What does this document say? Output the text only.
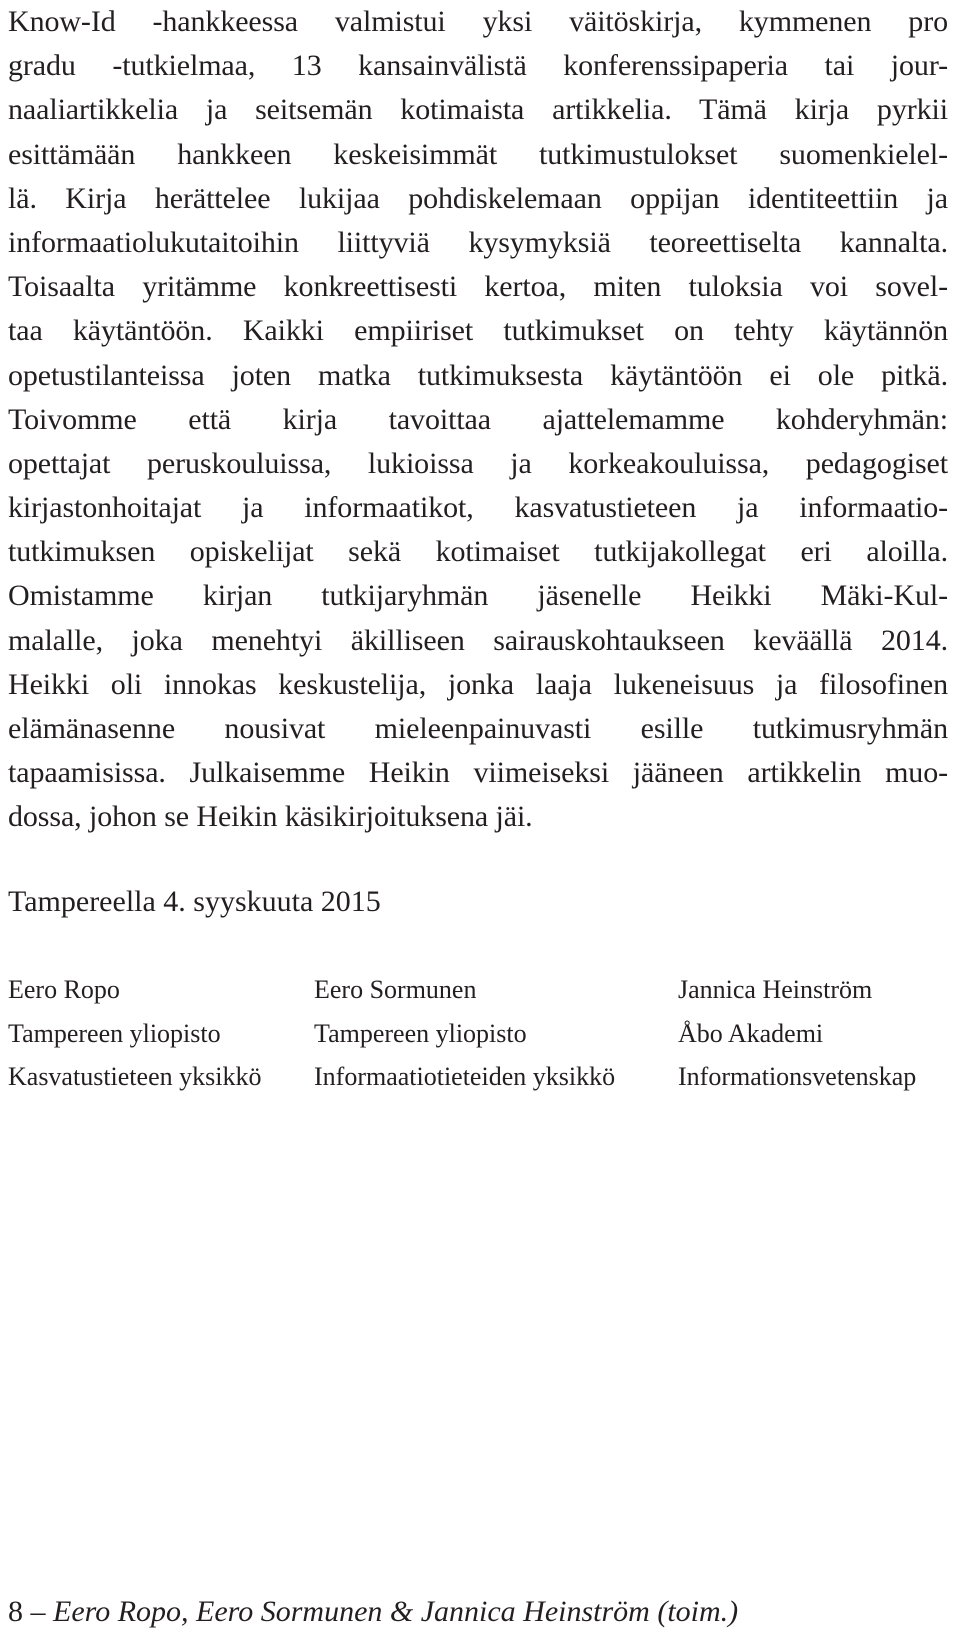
Know-Id -hankkeessa valmistui yksi väitöskirja, kymmenen pro
gradu -tutkielmaa, 13 kansainvälistä konferenssipaperia tai jour-
naaliartikkelia ja seitsemän kotimaista artikkelia. Tämä kirja pyrkii
esittämään hankkeen keskeisimmät tutkimustulokset suomenkielel-
lä. Kirja herättelee lukijaa pohdiskelemaan oppijan identiteettiin ja
informaatiolukutaitoihin liittyviä kysymyksiä teoreettiselta kannalta.
Toisaalta yritämme konkreettisesti kertoa, miten tuloksia voi sovel-
taa käytäntöön. Kaikki empiiriset tutkimukset on tehty käytännön
opetustilanteissa joten matka tutkimuksesta käytäntöön ei ole pitkä.
Toivomme että kirja tavoittaa ajattelemamme kohderyhmän:
opettajat peruskouluissa, lukioissa ja korkeakouluissa, pedagogiset
kirjastonhoitajat ja informaatikot, kasvatustieteen ja informaatio-
tutkimuksen opiskelijat sekä kotimaiset tutkijakollegat eri aloilla.
Omistamme kirjan tutkijaryhmän jäsenelle Heikki Mäki-Kul-
malalle, joka menehtyi äkilliseen sairauskohtaukseen keväällä 2014.
Heikki oli innokas keskustelija, jonka laaja lukeneisuus ja filosofinen
elämänasenne nousivat mieleenpainuvasti esille tutkimusryhmän
tapaamisissa. Julkaisemme Heikin viimeiseksi jääneen artikkelin muo-
dossa, johon se Heikin käsikirjoituksena jäi.

Tampereella 4. syyskuuta 2015

Eero Ropo
Tampereen yliopisto
Kasvatustieteen yksikkö
Eero Sormunen
Tampereen yliopisto
Informaatiotieteiden yksikkö
Jannica Heinström
Åbo Akademi
Informationsvetenskap
8 – Eero Ropo, Eero Sormunen & Jannica Heinström (toim.)
